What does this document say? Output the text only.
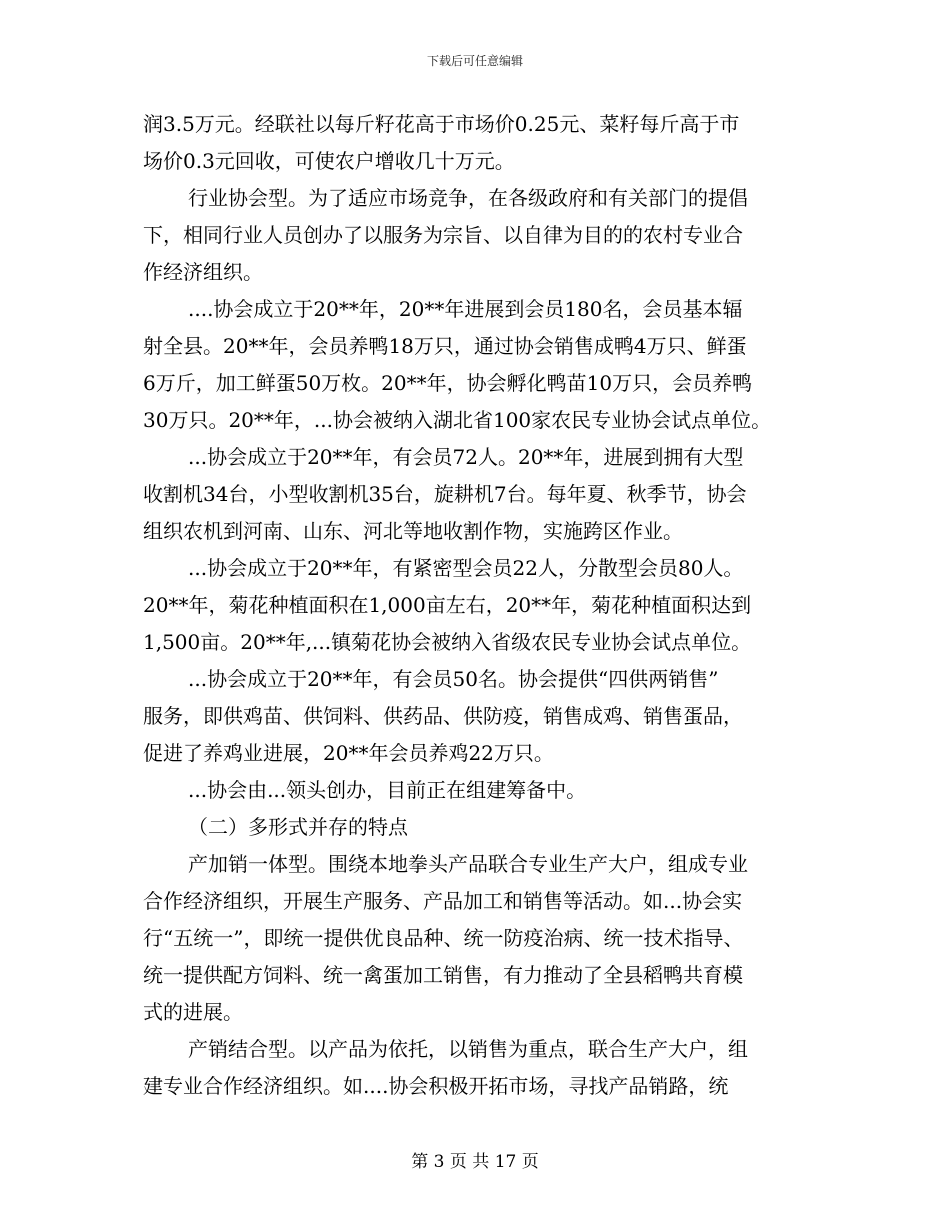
下载后可任意编辑
润3.5万元。经联社以每斤籽花高于市场价0.25元、菜籽每斤高于市
场价0.3元回收，可使农户增收几十万元。
行业协会型。为了适应市场竞争，在各级政府和有关部门的提倡
下，相同行业人员创办了以服务为宗旨、以自律为目的的农村专业合
作经济组织。
....协会成立于20**年，20**年进展到会员180名，会员基本辐
射全县。20**年，会员养鸭18万只，通过协会销售成鸭4万只、鲜蛋
6万斤，加工鲜蛋50万枚。20**年，协会孵化鸭苗10万只，会员养鸭
30万只。20**年，...协会被纳入湖北省100家农民专业协会试点单位。
...协会成立于20**年，有会员72人。20**年，进展到拥有大型
收割机34台，小型收割机35台，旋耕机7台。每年夏、秋季节，协会
组织农机到河南、山东、河北等地收割作物，实施跨区作业。
...协会成立于20**年，有紧密型会员22人，分散型会员80人。
20**年，菊花种植面积在1,000亩左右，20**年，菊花种植面积达到
1,500亩。20**年,...镇菊花协会被纳入省级农民专业协会试点单位。
...协会成立于20**年，有会员50名。协会提供“四供两销售”
服务，即供鸡苗、供饲料、供药品、供防疫，销售成鸡、销售蛋品，
促进了养鸡业进展，20**年会员养鸡22万只。
...协会由...领头创办，目前正在组建筹备中。
（二）多形式并存的特点
产加销一体型。围绕本地拳头产品联合专业生产大户，组成专业
合作经济组织，开展生产服务、产品加工和销售等活动。如...协会实
行“五统一”，即统一提供优良品种、统一防疫治病、统一技术指导、
统一提供配方饲料、统一禽蛋加工销售，有力推动了全县稻鸭共育模
式的进展。
产销结合型。以产品为依托，以销售为重点，联合生产大户，组
建专业合作经济组织。如....协会积极开拓市场，寻找产品销路，统
第 3 页 共 17 页
